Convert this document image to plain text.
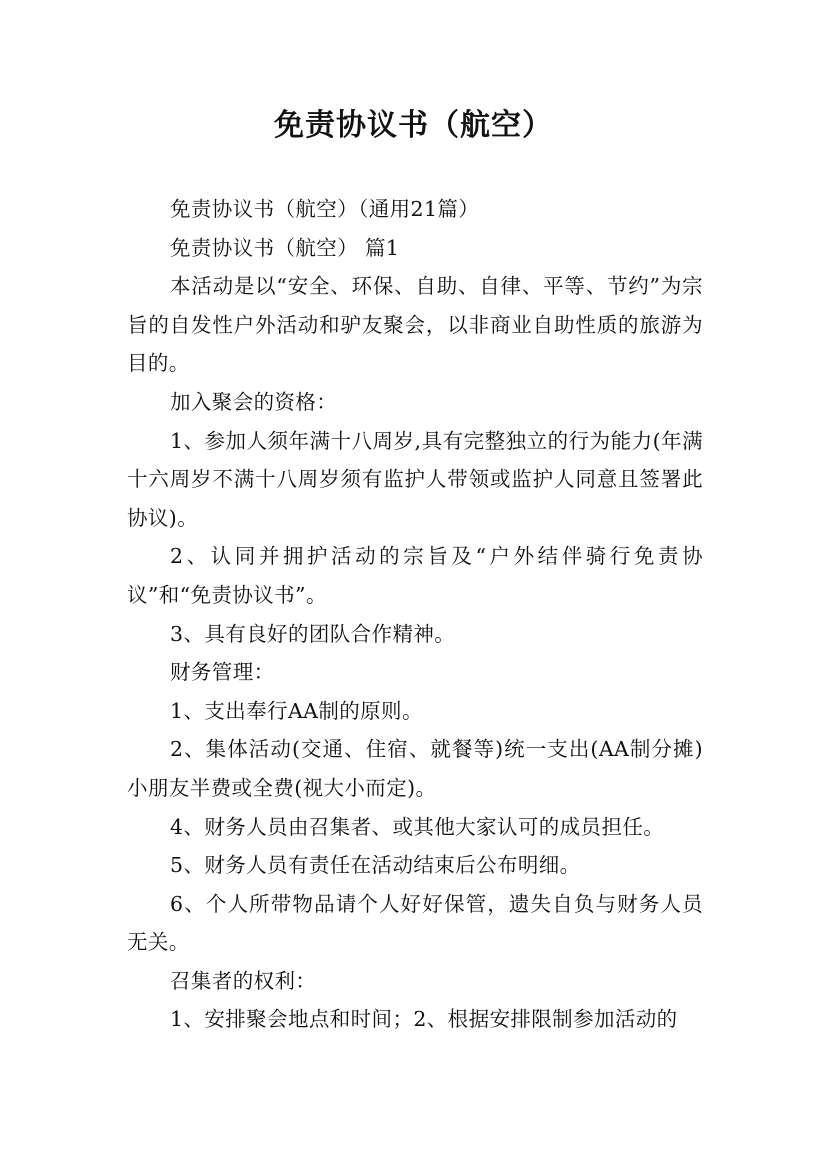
免责协议书（航空）

免责协议书（航空）（通用21篇）

免责协议书（航空） 篇1

本活动是以“安全、环保、自助、自律、平等、节约”为宗旨的自发性户外活动和驴友聚会，以非商业自助性质的旅游为目的。

加入聚会的资格：

1、参加人须年满十八周岁,具有完整独立的行为能力(年满十六周岁不满十八周岁须有监护人带领或监护人同意且签署此协议)。

2、认同并拥护活动的宗旨及“户外结伴骑行免责协议”和“免责协议书”。

3、具有良好的团队合作精神。

财务管理：

1、支出奉行AA制的原则。

2、集体活动(交通、住宿、就餐等)统一支出(AA制分摊)小朋友半费或全费(视大小而定)。

4、财务人员由召集者、或其他大家认可的成员担任。

5、财务人员有责任在活动结束后公布明细。

6、个人所带物品请个人好好保管，遗失自负与财务人员无关。

召集者的权利：

1、安排聚会地点和时间；2、根据安排限制参加活动的
